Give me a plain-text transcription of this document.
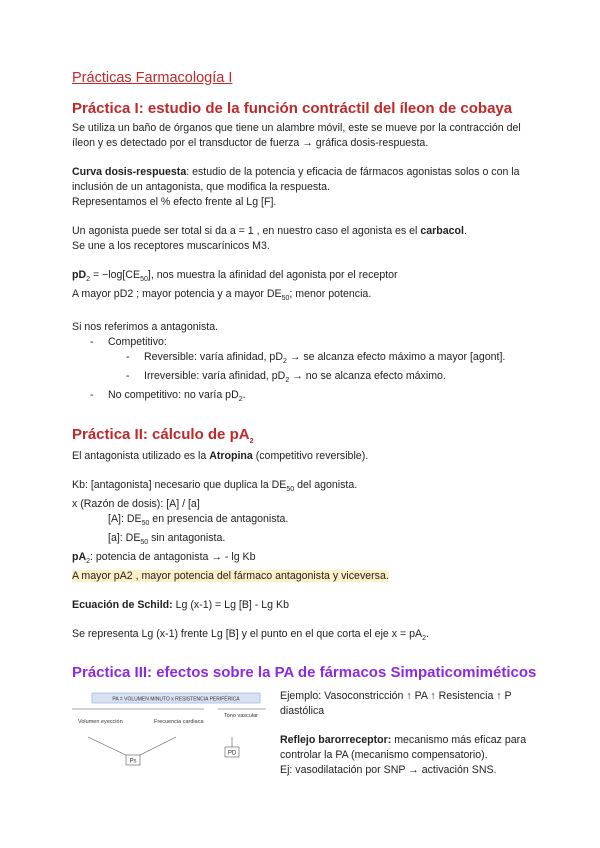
Prácticas Farmacología I
Práctica I: estudio de la función contráctil del íleon de cobaya

Se utiliza un baño de órganos que tiene un alambre móvil, este se mueve por la contracción del íleon y es detectado por el transductor de fuerza → gráfica dosis-respuesta.

Curva dosis-respuesta: estudio de la potencia y eficacia de fármacos agonistas solos o con la inclusión de un antagonista, que modifica la respuesta.

Representamos el % efecto frente al Lg [F].

Un agonista puede ser total si da a = 1 , en nuestro caso el agonista es el carbacol.

Se une a los receptores muscarínicos M3.

$pD_2 = -\log[CE_{50}]$, nos muestra la afinidad del agonista por el receptor

A mayor pD2 ; mayor potencia y a mayor $DE_{50}$; menor potencia.

Si nos referimos a antagonista.

- Competitivo:
- Reversible: varía afinidad, $pD_2$ → se alcanza efecto máximo a mayor [agont].
- Irreversible: varía afinidad, $pD_2$ → no se alcanza efecto máximo.
- No competitivo: no varía $pD_2$.
Práctica II: cálculo de $pA_2$

El antagonista utilizado es la Atropina (competitivo reversible).

Kb: [antagonista] necesario que duplica la $DE_{50}$ del agonista.

x (Razón de dosis): [A] / [a]

[A]: $DE_{50}$ en presencia de antagonista.

[a]: $DE_{50}$ sin antagonista.

$pA_2$: potencia de antagonista → - lg Kb

A mayor pA2 , mayor potencia del fármaco antagonista y viceversa.

Ecuación de Schild: Lg (x-1) = Lg [B] - Lg Kb

Se representa Lg (x-1) frente Lg [B] y el punto en el que corta el eje $x = pA_2$.

Práctica III: efectos sobre la PA de fármacos Simpaticomiméticos
PA = VOLUMEN MINUTO x RESISTENCIA PERIFÉRICA
Volumen eyección	Frecuencia cardiaca
Tono vascular
Ps
PD

Ejemplo: Vasoconstricción ↑ PA ↑ Resistencia ↑ P diastólica

Reflejo barorreceptor: mecanismo más eficaz para controlar la PA (mecanismo compensatorio).

Ej: vasodilatación por SNP → activación SNS.
